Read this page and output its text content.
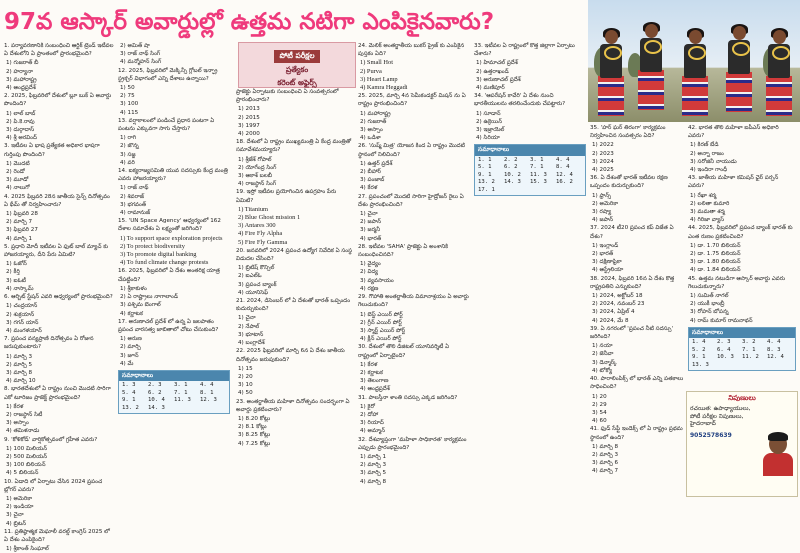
97వ ఆస్కార్ అవార్డుల్లో ఉత్తమ నటిగా ఎంపికైనవారు?
పోటీ పరీక్షల
ప్రత్యేకం
కరెంట్ అఫైర్స్
1. పర్యావరణానికి సంబంధించి ఆర్టిక్ ట్రెండ్ ఇటీవల ఏ దేశంలోని ఏ ప్రాంతంలో ప్రారంభమైంది?
1) గుజరాత్ బీ
2) హర్యానా
3) మహారాష్ట్ర
4) ఆంధ్రప్రదేశ్
2. 2025, ఫిబ్రవరిలో దేశంలో బ్లూ బుక్ ఏ అవార్డు పొందింది?
1) లాల్ బాబ్
2) పి.కె.రావు
3) దుర్గాదాస్
4) శ్రీ అరవింద్
3. ఇటీవల ఏ భాష ప్రత్యేకత అధికార భాషగా గుర్తింపు పొందింది?
1) మొదటి
2) రెండో
3) మూడో
4) నాలుగో
4. 2025 ఫిబ్రవరి 28న జాతీయ సైన్స్ దినోత్సవం ఏ థీమ్ తో నిర్వహించారు?
1) ఫిబ్రవరి 28
2) మార్చి 7
3) ఫిబ్రవరి 27
4) మార్చి 1
5. ప్రధాని మోదీ ఇటీవల ఏ ఫుట్ బాల్ మ్యాచ్ కు హాజరయ్యారు, దీని పేరు ఏమిటి?
1) ఓజోన్
2) కీర్తి
3) ఐఓటీ
4) నాస్కామ్
6. ఆర్బిట్ స్టేషన్ ఎవరి ఆధ్వర్యంలో ప్రారంభమైంది?
1) చంద్రయాన్
2) శుక్రయాన్
3) గగన్ యాన్
4) మంగళయాన్
7. ప్రపంచ వన్యప్రాణి దినోత్సవం ఏ రోజున జరుపుకుంటారు?
1) మార్చి 3
2) మార్చి 5
3) మార్చి 8
4) మార్చి 10
8. భారతదేశంలో ఏ రాష్ట్రం నుంచి మొదటి సారిగా ఎకో టూరిజం ప్రాజెక్ట్ ప్రారంభమైంది?
1) కేరళ
2) రాజస్థాన్ సిటీ
3) అస్సాం
4) తమిళనాడు
9. 'కోళికోడ్' వార్షికోత్సవంలో గ్రహీత ఎవరు?
1) 100 మిలియన్
2) 500 మిలియన్
3) 100 బిలియన్
4) 5 బిలియన్
10. ఏడాది లో ఏర్పాటు చేసిన 2024 ప్రపంచ బ్లోగర్ ఎవరు?
1) అమెరికా
2) ఇండియా
3) చైనా
4) బ్రిటన్
11. ప్రతిష్ఠాత్మక మెఘాలీ వరల్డ్ కాంగ్రెస్ 2025 లో ఏ దేశం ఎంపికైంది?
1) శ్రీకాంత్ సింఘాల్
2) అమిత్ షా
3) రాజ్ నాథ్ సింగ్
4) మన్మోహన్ సింగ్
12. 2025, ఫిబ్రవరిలో మెక్కిన్సీ గ్లోబల్ ఇన్ఫ్రా స్ట్రక్చర్ విభాగంలో ఎన్ని దేశాలు ఉన్నాయి?
1) 50
2) 75
3) 100
4) 115
13. వర్షాకాలంలో పండించే ప్రధాన పంటగా ఏ పంటను ఎక్కువగా సాగు చేస్తారు?
1) రాగి
2) జొన్న
3) సజ్జ
4) వరి
14. ఐక్యరాజ్యసమితి యువ సదస్సుకు కేంద్ర మంత్రి ఎవరు హాజరయ్యారు?
1) రాజ్ నాథ్
2) శివరాజ్
3) భగవంత్
4) రామానుజ్
15. 'UN Space Agency' ఆధ్వర్యంలో 162 దేశాల సమావేశం ఏ లక్ష్యంతో జరిగింది?
1) To support space exploration projects
2) To protect biodiversity
3) To promote digital banking
4) To fund climate change protests
16. 2025, ఫిబ్రవరిలో ఏ దేశం అంతరిక్ష యాత్ర చేపట్టింది?
1) శ్రీకాకుళం
2) ఏ రాష్ట్రాలు నాగాలాండ్
3) పశ్చిమ బెంగాల్
4) కర్ణాటక
17. అరుణాచల్ ప్రదేశ్ లో ఉన్న ఏ జలపాతం ప్రపంచ వారసత్వ జాబితాలో చోటు చేసుకుంది?
1) అరుణ
2) మార్చి
3) జూన్
4) మే
సమాధానాలు
1. 3	2. 3	3. 1	4. 4
5. 4	6. 2	7. 1	8. 1
9. 1	10. 4	11. 3	12. 3
13. 2	14. 3
ప్రాజెక్టు ఏర్పాటుకు సంబంధించి ఏ సంవత్సరంలో ప్రారంభించారు?
1) 2013
2) 2015
3) 1997
4) 2000
18. దేశంలో ఏ రాష్ట్రం ముఖ్యమంత్రి ఏ కేంద్ర మంత్రితో సమావేశమయ్యారు?
1) శ్రీజేశ్ గోపాల్
2) యోగేంద్ర సింగ్
3) ఆకాశ్ బలబీ
4) రాజస్థాన్ సింగ్
19. ఇస్రో ఇటీవల ప్రయోగించిన ఉపగ్రహం పేరు ఏమిటి?
1) Titanium
2) Blue Ghost mission 1
3) Antares 300
4) Fire Fly Alpha
5) Fire Fly Gamma
20. జనవరిలో 2024 ప్రపంచ ఉద్యోగ నివేదిక ఏ సంస్థ విడుదల చేసింది?
1) బ్రిటిష్ కౌన్సిల్
2) ఐఎల్ఓ
3) ప్రపంచ బ్యాంక్
4) యూనిసెఫ్
21. 2024, డిసెంబర్ లో ఏ దేశంతో భారత్ ఒప్పందం కుదుర్చుకుంది?
1) చైనా
2) నేపాల్
3) భూటాన్
4) బంగ్లాదేశ్
22. 2025 ఫిబ్రవరిలో మార్చి 6న ఏ దేశం జాతీయ దినోత్సవం జరుపుకుంది?
1) 15
2) 20
3) 10
4) 50
23. అంతర్జాతీయ మహిళా దినోత్సవం సందర్భంగా ఏ అవార్డు ప్రకటించారు?
1) 8.20 కోట్లు
2) 8.1 కోట్లు
3) 8.25 కోట్లు
4) 7.25 కోట్లు
24. మెలిక్ అంతర్జాతీయ బుకర్ ప్రైజ్ కు ఎంపికైన పుస్తకం ఏది?
1) Small Hot
2) Purva
3) Heart Lamp
4) Kamra Heggadi
25. 2025, మార్చి 4న సెమీకండక్టర్ మిషన్ ను ఏ రాష్ట్రం ప్రారంభించింది?
1) మహారాష్ట్ర
2) గుజరాత్
3) అస్సాం
4) ఒడిశా
26. 'సుష్మ్ మిత్ర' యోజన కింద ఏ రాష్ట్రం మొదటి స్థానంలో నిలిచింది?
1) ఉత్తర్ ప్రదేశ్
2) బీహార్
3) పంజాబ్
4) కేరళ
27. ప్రపంచంలో మొదటి సారిగా హైడ్రోజన్ రైలు ఏ దేశం ప్రారంభించింది?
1) చైనా
2) జపాన్
3) జర్మనీ
4) భారత్
28. ఇటీవల 'SAHA' ప్రాజెక్టు ఏ అంశానికి సంబంధించినది?
1) వైద్యం
2) విద్య
3) వ్యవసాయం
4) రక్షణ
29. గౌహాతి అంతర్జాతీయ విమానాశ్రయం ఏ అవార్డు గెలుచుకుంది?
1) బెస్ట్ ఎయిర్ పోర్ట్
2) గ్రీన్ ఎయిర్ పోర్ట్
3) స్మార్ట్ ఎయిర్ పోర్ట్
4) క్లీన్ ఎయిర్ పోర్ట్
30. దేశంలో తొలి డిజిటల్ యూనివర్శిటీ ఏ రాష్ట్రంలో ఏర్పాటైంది?
1) కేరళ
2) కర్ణాటక
3) తెలంగాణ
4) ఆంధ్రప్రదేశ్
31. పాలస్తీనా శాంతి సదస్సు ఎక్కడ జరిగింది?
1) కైరో
2) దోహా
3) రియాద్
4) అమ్మాన్
32. దేశవ్యాప్తంగా 'మహిళా సాధికారత' కార్యక్రమం ఎప్పుడు ప్రారంభమైంది?
1) మార్చి 1
2) మార్చి 3
3) మార్చి 5
4) మార్చి 8
33. ఇటీవల ఏ రాష్ట్రంలో కొత్త జిల్లాగా ఏర్పాటు చేశారు?
1) హిమాచల్ ప్రదేశ్
2) ఉత్తరాఖండ్
3) అరుణాచల్ ప్రదేశ్
4) మణిపూర్
34. 'ఆపరేషన్ కావేరి' ఏ దేశం నుంచి భారతీయులను తరలించేందుకు చేపట్టారు?
1) సూడాన్
2) ఉక్రెయిన్
3) ఇజ్రాయెల్
4) సిరియా
సమాధానాలు
1. 1	2. 2	3. 1	4. 4
5. 1	6. 2	7. 1	8. 4
9. 1	10. 2	11. 3	12. 4
13. 2	14. 3	15. 3	16. 2
17. 1
35. 'హర్ ఘర్ తిరంగా' కార్యక్రమం నిర్వహించిన సంవత్సరం ఏది?
1) 2022
2) 2023
3) 2024
4) 2025
36. ఏ దేశంతో భారత్ ఇటీవల రక్షణ ఒప్పందం కుదుర్చుకుంది?
1) ఫ్రాన్స్
2) అమెరికా
3) రష్యా
4) జపాన్
37. 2024 టీ20 ప్రపంచ కప్ విజేత ఏ దేశం?
1) ఇంగ్లాండ్
2) భారత్
3) దక్షిణాఫ్రికా
4) ఆస్ట్రేలియా
38. 2024, ఫిబ్రవరి 16న ఏ దేశం కొత్త రాష్ట్రపతిని ఎన్నుకుంది?
1) 2024, అక్టోబర్ 18
2) 2024, నవంబర్ 23
3) 2024, ఏప్రిల్ 4
4) 2024, మే 8
39. ఏ నగరంలో 'ప్రపంచ నీటి సదస్సు' జరిగింది?
1) నయా
2) జెనీవా
3) డెన్మార్క్
4) టోక్యో
40. పారాలింపిక్స్ లో భారత్ ఎన్ని పతకాలు సాధించింది?
1) 20
2) 29
3) 54
4) 60
41. ఫుడ్ సేఫ్టీ ఇండెక్స్ లో ఏ రాష్ట్రం ప్రథమ స్థానంలో ఉంది?
1) మార్చి 8
2) మార్చి 3
3) మార్చి 6
4) మార్చి 7
42. భారత తొలి మహిళా ఐపీఎస్ అధికారి ఎవరు?
1) కిరణ్ బేడి
2) అన్నా రాజం
3) సరోజినీ నాయుడు
4) ఇందిరా గాంధీ
43. జాతీయ మహిళా కమిషన్ ఛైర్ పర్సన్ ఎవరు?
1) రేఖా శర్మ
2) లలితా కుమారి
3) మమతా శర్మ
4) గిరిజా వ్యాస్
44. 2025, ఫిబ్రవరిలో ప్రపంచ బ్యాంక్ భారత్ కు ఎంత రుణం ప్రకటించింది?
1) డా. 1.70 బిలియన్
2) డా. 1.75 బిలియన్
3) డా. 1.80 బిలియన్
4) డా. 1.84 బిలియన్
45. ఉత్తమ నటుడిగా ఆస్కార్ అవార్డు ఎవరు గెలుచుకున్నారు?
1) సుమిత్ నాగల్
2) యుకీ భాంబ్రీ
3) రోహన్ బోపన్న
4) రామ్ కుమార్ రామనాథన్
సమాధానాలు
1. 4	2. 3	3. 2	4. 4
5. 2	6. 4	7. 1	8. 3
9. 1	10. 3	11. 2	12. 4
13. 3
నిపుణులు
రచయిత: ఉపాధ్యాయులు, పోటీ పరీక్షల నిపుణులు, హైదరాబాద్
9052578639
